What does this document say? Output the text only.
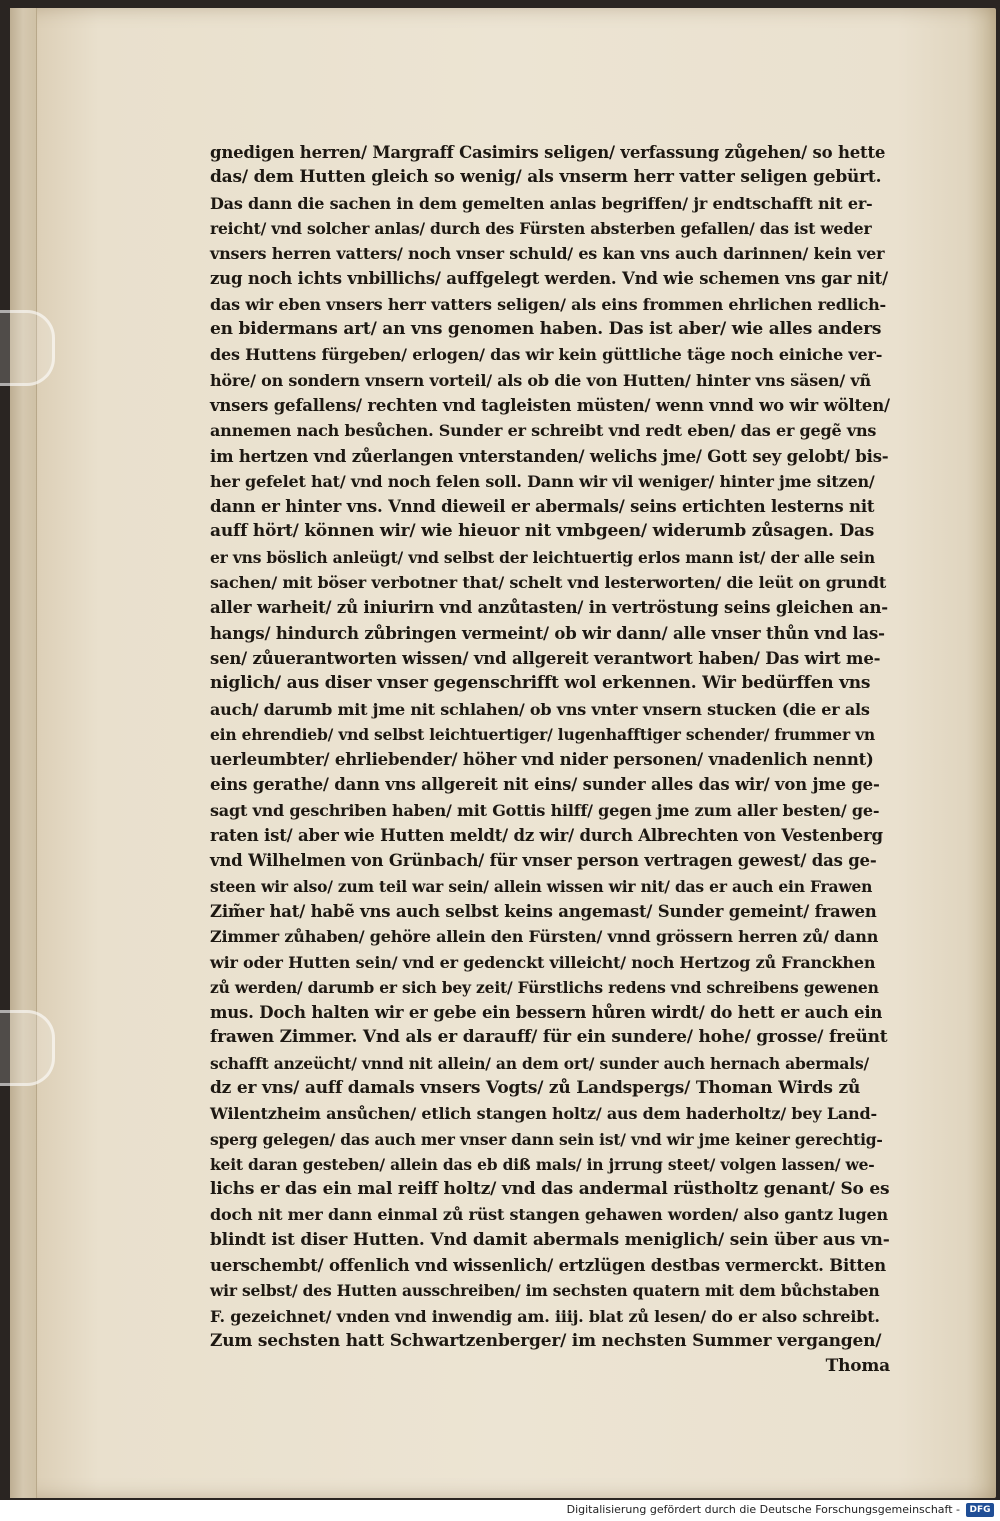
gnedigen herren/ Margraff Casimirs seligen/ verfassung zůgehen/ so hette
das/ dem Hutten gleich so wenig/ als vnserm herr vatter seligen gebürt.
Das dann die sachen in dem gemelten anlas begriffen/ jr endtschafft nit er-
reicht/ vnd solcher anlas/ durch des Fürsten absterben gefallen/ das ist weder
vnsers herren vatters/ noch vnser schuld/ es kan vns auch darinnen/ kein ver
zug noch ichts vnbillichs/ auffgelegt werden. Vnd wie schemen vns gar nit/
das wir eben vnsers herr vatters seligen/ als eins frommen ehrlichen redlich-
en bidermans art/ an vns genomen haben. Das ist aber/ wie alles anders
des Huttens fürgeben/ erlogen/ das wir kein güttliche täge noch einiche ver-
höre/ on sondern vnsern vorteil/ als ob die von Hutten/ hinter vns säsen/ vñ
vnsers gefallens/ rechten vnd tagleisten müsten/ wenn vnnd wo wir wölten/
annemen nach besůchen. Sunder er schreibt vnd redt eben/ das er gegẽ vns
im hertzen vnd zůerlangen vnterstanden/ welichs jme/ Gott sey gelobt/ bis-
her gefelet hat/ vnd noch felen soll. Dann wir vil weniger/ hinter jme sitzen/
dann er hinter vns. Vnnd dieweil er abermals/ seins ertichten lesterns nit
auff hört/ können wir/ wie hieuor nit vmbgeen/ widerumb zůsagen. Das
er vns böslich anleügt/ vnd selbst der leichtuertig erlos mann ist/ der alle sein
sachen/ mit böser verbotner that/ schelt vnd lesterworten/ die leüt on grundt
aller warheit/ zů iniurirn vnd anzůtasten/ in vertröstung seins gleichen an-
hangs/ hindurch zůbringen vermeint/ ob wir dann/ alle vnser thůn vnd las-
sen/ zůuerantworten wissen/ vnd allgereit verantwort haben/ Das wirt me-
niglich/ aus diser vnser gegenschrifft wol erkennen. Wir bedürffen vns
auch/ darumb mit jme nit schlahen/ ob vns vnter vnsern stucken (die er als
ein ehrendieb/ vnd selbst leichtuertiger/ lugenhafftiger schender/ frummer vn
uerleumbter/ ehrliebender/ höher vnd nider personen/ vnadenlich nennt)
eins gerathe/ dann vns allgereit nit eins/ sunder alles das wir/ von jme ge-
sagt vnd geschriben haben/ mit Gottis hilff/ gegen jme zum aller besten/ ge-
raten ist/ aber wie Hutten meldt/ dz wir/ durch Albrechten von Vestenberg
vnd Wilhelmen von Grünbach/ für vnser person vertragen gewest/ das ge-
steen wir also/ zum teil war sein/ allein wissen wir nit/ das er auch ein Frawen
Zim̃er hat/ habẽ vns auch selbst keins angemast/ Sunder gemeint/ frawen
Zimmer zůhaben/ gehöre allein den Fürsten/ vnnd grössern herren zů/ dann
wir oder Hutten sein/ vnd er gedenckt villeicht/ noch Hertzog zů Franckhen
zů werden/ darumb er sich bey zeit/ Fürstlichs redens vnd schreibens gewenen
mus. Doch halten wir er gebe ein bessern hůren wirdt/ do hett er auch ein
frawen Zimmer. Vnd als er darauff/ für ein sundere/ hohe/ grosse/ freünt
schafft anzeücht/ vnnd nit allein/ an dem ort/ sunder auch hernach abermals/
dz er vns/ auff damals vnsers Vogts/ zů Landspergs/ Thoman Wirds zů
Wilentzheim ansůchen/ etlich stangen holtz/ aus dem haderholtz/ bey Land-
sperg gelegen/ das auch mer vnser dann sein ist/ vnd wir jme keiner gerechtig-
keit daran gesteben/ allein das eb diß mals/ in jrrung steet/ volgen lassen/ we-
lichs er das ein mal reiff holtz/ vnd das andermal rüstholtz genant/ So es
doch nit mer dann einmal zů rüst stangen gehawen worden/ also gantz lugen
blindt ist diser Hutten. Vnd damit abermals meniglich/ sein über aus vn-
uerschembt/ offenlich vnd wissenlich/ ertzlügen destbas vermerckt. Bitten
wir selbst/ des Hutten ausschreiben/ im sechsten quatern mit dem bůchstaben
F. gezeichnet/ vnden vnd inwendig am. iiij. blat zů lesen/ do er also schreibt.
Zum sechsten hatt Schwartzenberger/ im nechsten Summer vergangen/
Thoma
Digitalisierung gefördert durch die Deutsche Forschungsgemeinschaft -	DFG
